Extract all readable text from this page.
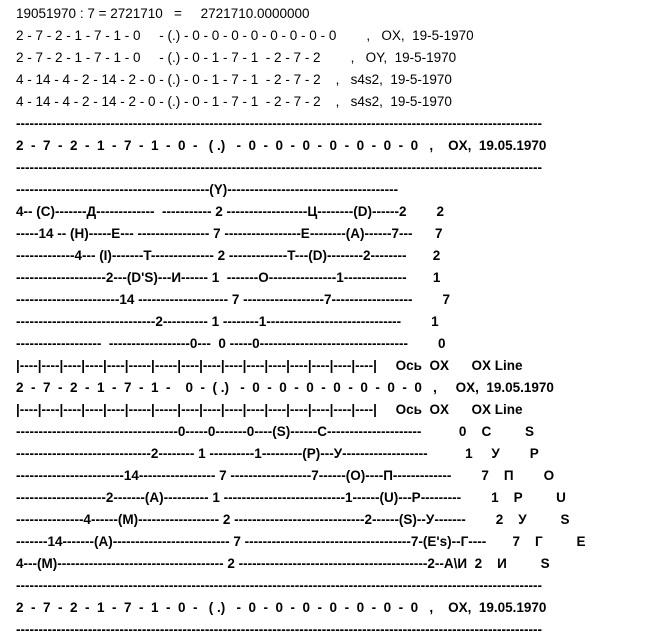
19051970 : 7 = 2721710   =     2721710.0000000
2 - 7 - 2 - 1 - 7 - 1 - 0     - (.) - 0 - 0 - 0 - 0 - 0 - 0 - 0 - 0        ,   OX,  19-5-1970
2 - 7 - 2 - 1 - 7 - 1 - 0     - (.) - 0 - 1 - 7 - 1  - 2 - 7 - 2        ,   OY,  19-5-1970
4 - 14 - 4 - 2 - 14 - 2 - 0 - (.) - 0 - 1 - 7 - 1  - 2 - 7 - 2    ,   s4s2,  19-5-1970
4 - 14 - 4 - 2 - 14 - 2 - 0 - (.) - 0 - 1 - 7 - 1  - 2 - 7 - 2    ,   s4s2,  19-5-1970
---------------------------------------------------------------------------------------------------------------------
2  -  7  -  2  -  1  -  7  -  1  -  0  -   ( .)   -  0  -  0  -  0  -  0  -  0  -  0  -  0   ,    OX,  19.05.1970
---------------------------------------------------------------------------------------------------------------------
-------------------------------------------(Y)--------------------------------------
4-- (C)-------Д-------------  ----------- 2 ------------------Ц--------(D)------2        2
-----14 -- (H)-----E--- ---------------- 7 -----------------E--------(A)------7---      7
-------------4--- (I)-------T-------------- 2 -------------T---(D)--------2--------       2
--------------------2---(D'S)---И------ 1  -------O---------------1--------------       1
-----------------------14 -------------------- 7 ------------------7------------------        7
-------------------------------2---------- 1 --------1------------------------------        1
-------------------  ------------------0---  0 -----0---------------------------------        0
|----|----|----|----|----|-----|-----|----|----|----|----|----|----|----|----|----|     Ось  OX      OX Line
2  -  7  -  2  -  1  -  7  -  1  -    0  -  ( .)   -  0  -  0  -  0  -  0  -  0  -  0  -  0   ,     OX,  19.05.1970
|----|----|----|----|----|-----|-----|----|----|----|----|----|----|----|----|----|     Ось  OX      OX Line
------------------------------------0-----0-------0----(S)------C---------------------          0    C         S
------------------------------2-------- 1 ----------1---------(P)---У-------------------          1     У        P
------------------------14----------------- 7 ------------------7------(O)----П-------------        7    П        O
--------------------2-------(A)---------- 1 ---------------------------1------(U)---P---------        1    P         U
---------------4------(M)------------------ 2 -----------------------------2------(S)--У-------        2    У         S
-------14-------(A)-------------------------- 7 -------------------------------------7-(E's)--Г----       7    Г         E
4---(M)------------------------------------- 2 ------------------------------------------2--A\И  2    И         S
---------------------------------------------------------------------------------------------------------------------
2  -  7  -  2  -  1  -  7  -  1  -  0  -   ( .)   -  0  -  0  -  0  -  0  -  0  -  0  -  0   ,    OX,  19.05.1970
---------------------------------------------------------------------------------------------------------------------
